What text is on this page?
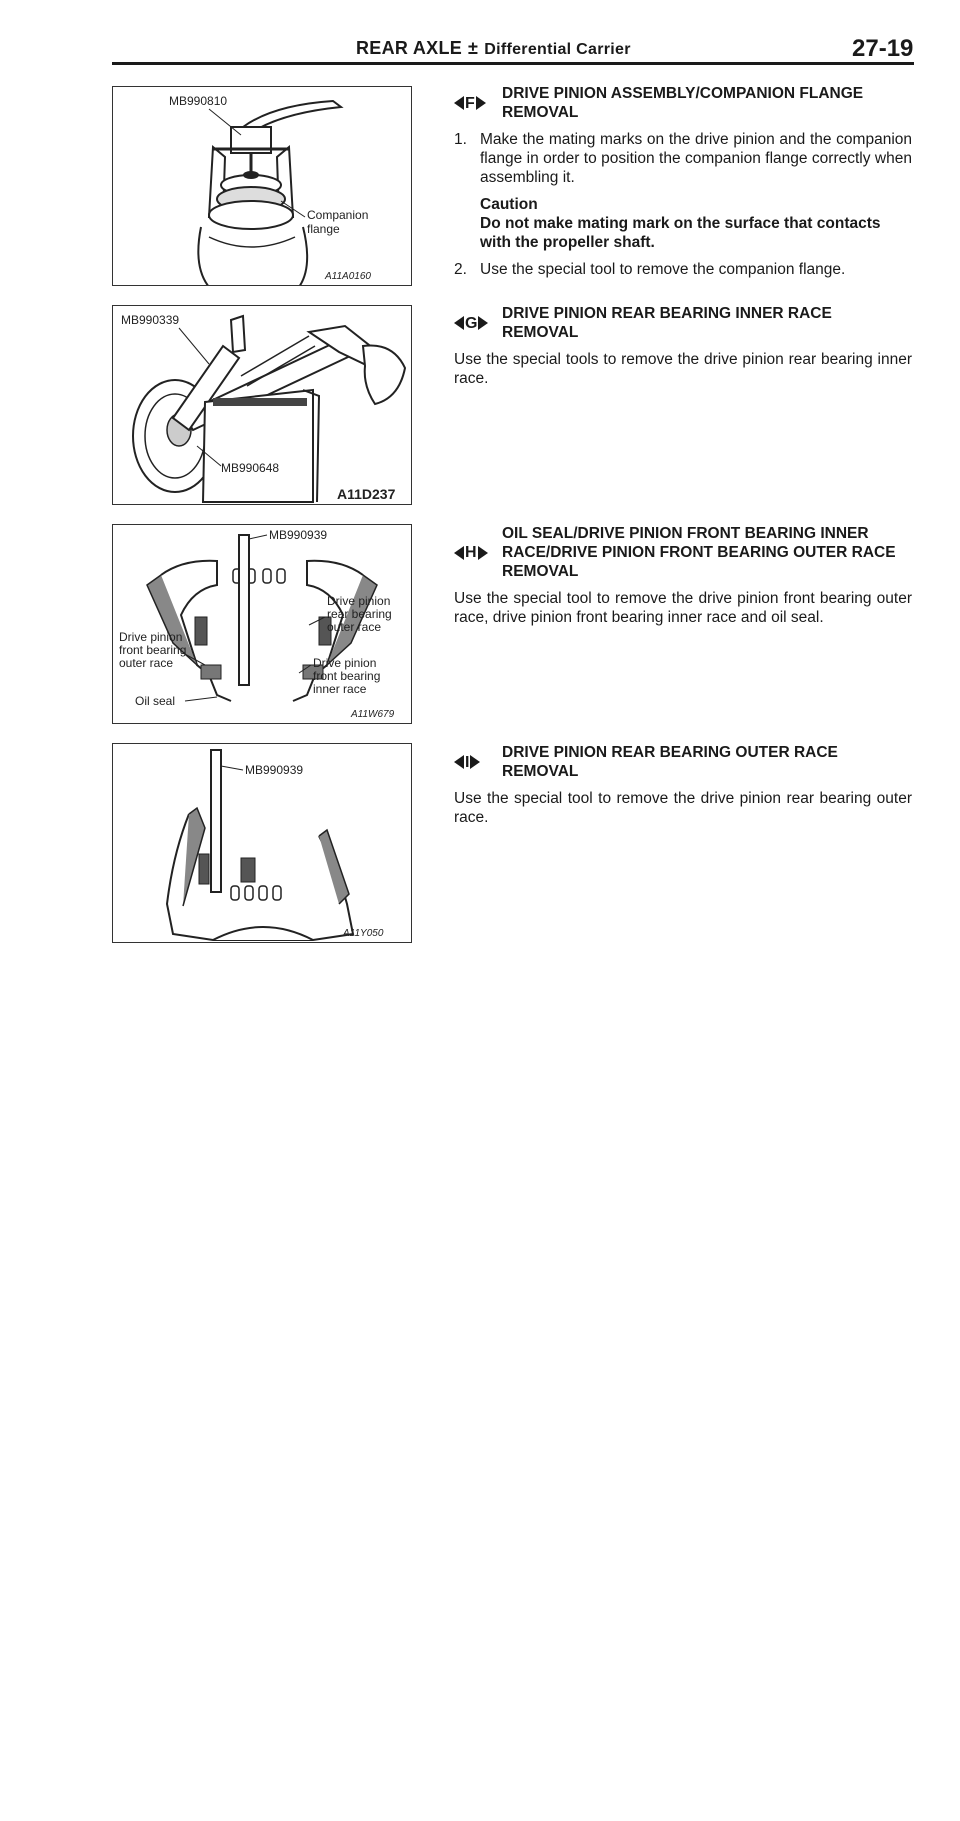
REAR AXLE ± Differential Carrier	27-19
MB990810
Companion
flange
A11A0160
MB990339
MB990648
A11D237
MB990939
Drive pinion
rear bearing
outer race
Drive pinion
front bearing
outer race	Drive pinion
front bearing
inner race
Oil seal
A11W679
MB990939
A11Y050
F
DRIVE PINION ASSEMBLY/COMPANION FLANGE REMOVAL
1. Make the mating marks on the drive pinion and the companion flange in order to position the companion flange correctly when assembling it.
Caution
Do not make mating mark on the surface that contacts with the propeller shaft.
2. Use the special tool to remove the companion flange.
G
DRIVE PINION REAR BEARING INNER RACE REMOVAL
Use the special tools to remove the drive pinion rear bearing inner race.
H
OIL SEAL/DRIVE PINION FRONT BEARING INNER RACE/DRIVE PINION FRONT BEARING OUTER RACE REMOVAL
Use the special tool to remove the drive pinion front bearing outer race, drive pinion front bearing inner race and oil seal.
I
DRIVE PINION REAR BEARING OUTER RACE REMOVAL
Use the special tool to remove the drive pinion rear bearing outer race.
